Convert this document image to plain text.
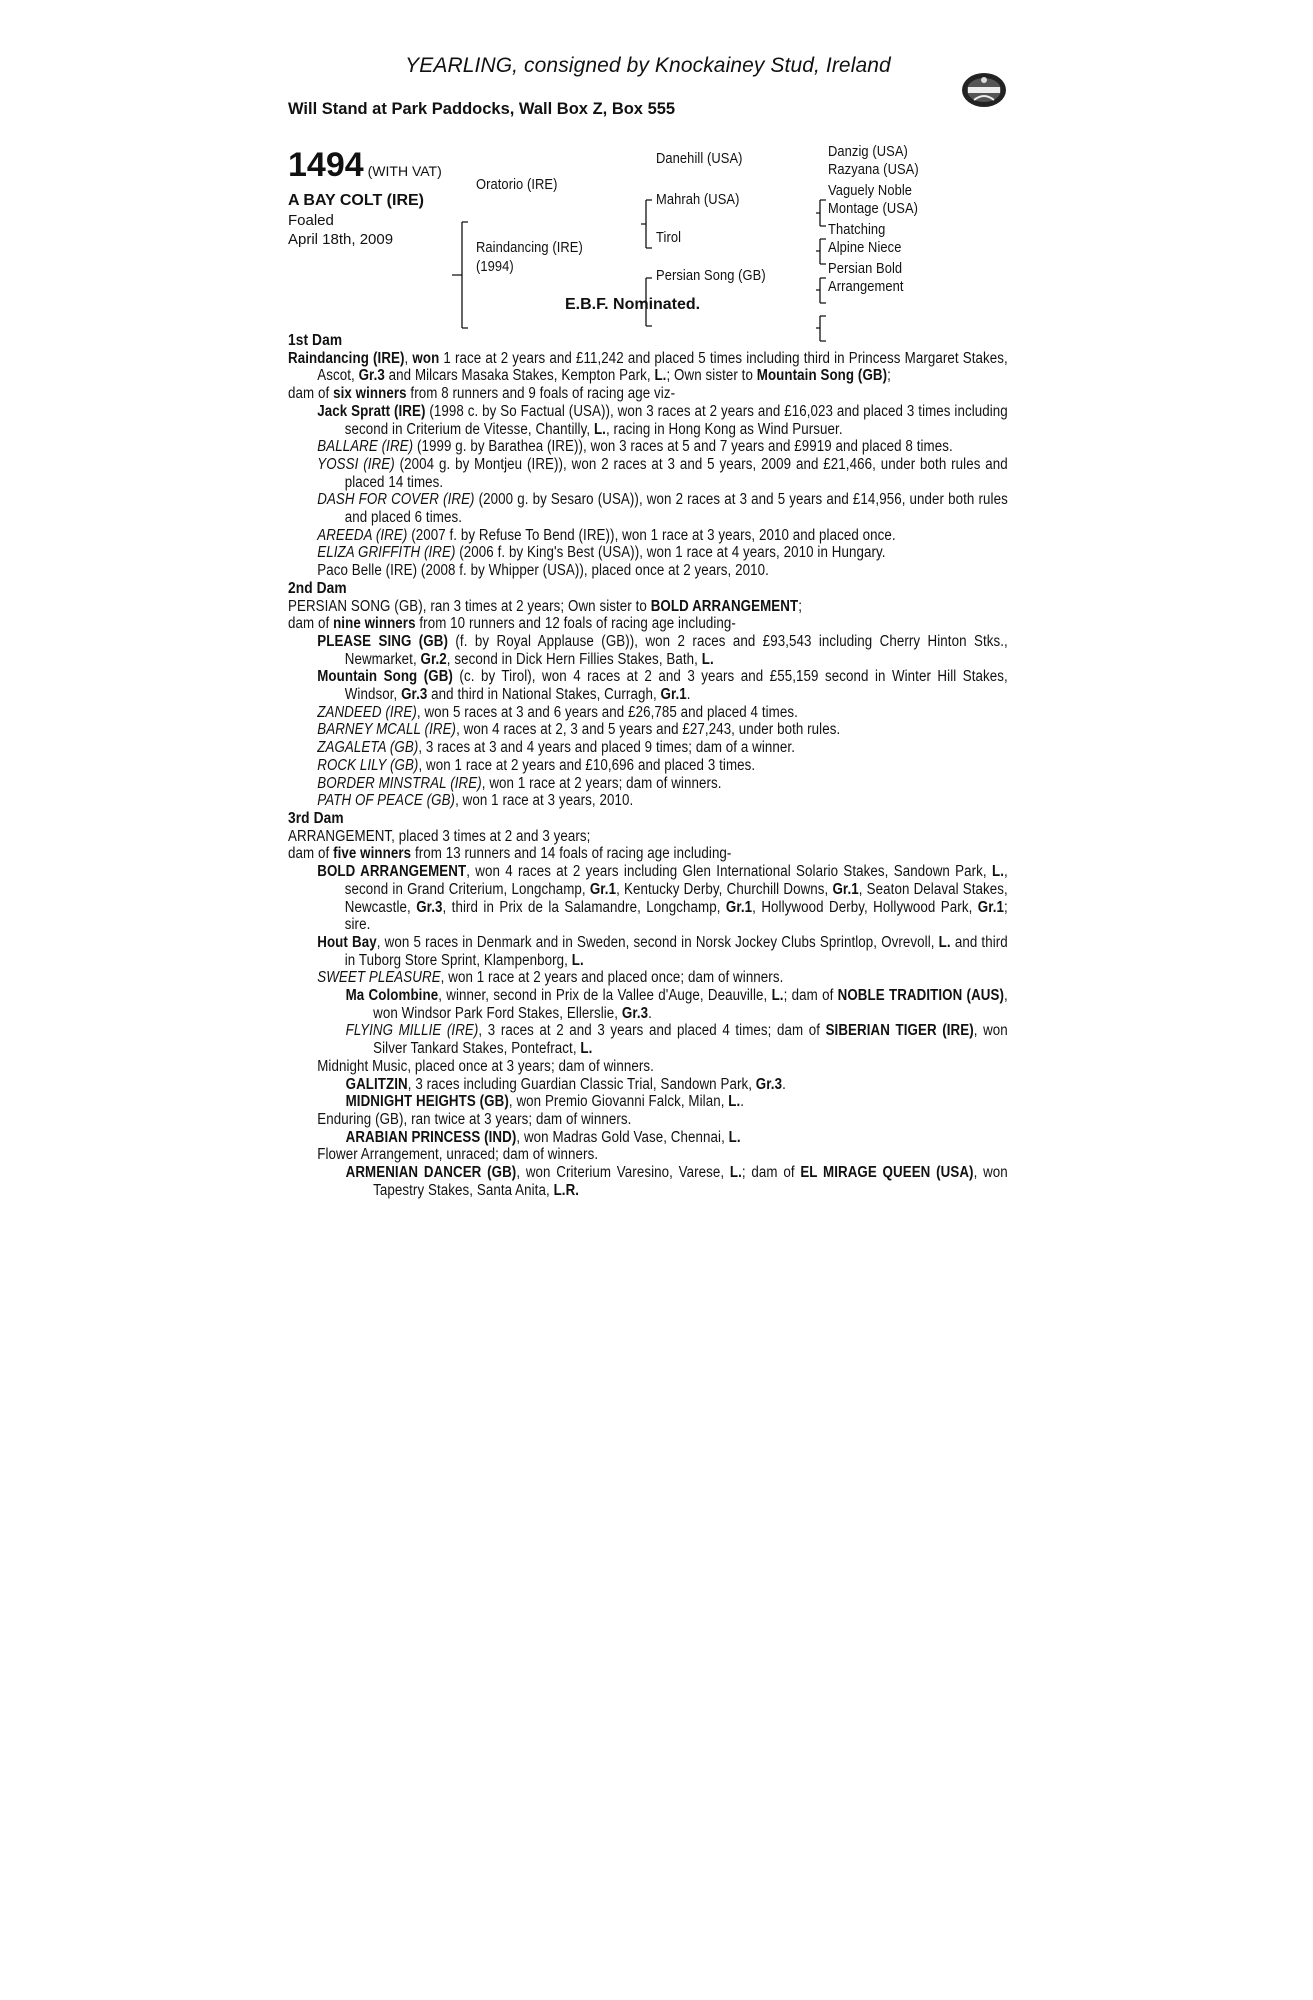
YEARLING, consigned by Knockainey Stud, Ireland
Will Stand at Park Paddocks, Wall Box Z, Box 555
1494 (WITH VAT)
A BAY COLT (IRE)
Foaled
April 18th, 2009
Oratorio (IRE)
Raindancing (IRE)
(1994)
Danehill (USA)
Mahrah (USA)
Tirol
Persian Song (GB)
Danzig (USA)
Razyana (USA)
Vaguely Noble
Montage (USA)
Thatching
Alpine Niece
Persian Bold
Arrangement
E.B.F. Nominated.

1st Dam

Raindancing (IRE), won 1 race at 2 years and £11,242 and placed 5 times including third in Princess Margaret Stakes, Ascot, Gr.3 and Milcars Masaka Stakes, Kempton Park, L.; Own sister to Mountain Song (GB);

dam of six winners from 8 runners and 9 foals of racing age viz-

Jack Spratt (IRE) (1998 c. by So Factual (USA)), won 3 races at 2 years and £16,023 and placed 3 times including second in Criterium de Vitesse, Chantilly, L., racing in Hong Kong as Wind Pursuer.

BALLARE (IRE) (1999 g. by Barathea (IRE)), won 3 races at 5 and 7 years and £9919 and placed 8 times.

YOSSI (IRE) (2004 g. by Montjeu (IRE)), won 2 races at 3 and 5 years, 2009 and £21,466, under both rules and placed 14 times.

DASH FOR COVER (IRE) (2000 g. by Sesaro (USA)), won 2 races at 3 and 5 years and £14,956, under both rules and placed 6 times.

AREEDA (IRE) (2007 f. by Refuse To Bend (IRE)), won 1 race at 3 years, 2010 and placed once.

ELIZA GRIFFITH (IRE) (2006 f. by King's Best (USA)), won 1 race at 4 years, 2010 in Hungary.

Paco Belle (IRE) (2008 f. by Whipper (USA)), placed once at 2 years, 2010.

2nd Dam

PERSIAN SONG (GB), ran 3 times at 2 years; Own sister to BOLD ARRANGEMENT;

dam of nine winners from 10 runners and 12 foals of racing age including-

PLEASE SING (GB) (f. by Royal Applause (GB)), won 2 races and £93,543 including Cherry Hinton Stks., Newmarket, Gr.2, second in Dick Hern Fillies Stakes, Bath, L.

Mountain Song (GB) (c. by Tirol), won 4 races at 2 and 3 years and £55,159 second in Winter Hill Stakes, Windsor, Gr.3 and third in National Stakes, Curragh, Gr.1.

ZANDEED (IRE), won 5 races at 3 and 6 years and £26,785 and placed 4 times.

BARNEY MCALL (IRE), won 4 races at 2, 3 and 5 years and £27,243, under both rules.

ZAGALETA (GB), 3 races at 3 and 4 years and placed 9 times; dam of a winner.

ROCK LILY (GB), won 1 race at 2 years and £10,696 and placed 3 times.

BORDER MINSTRAL (IRE), won 1 race at 2 years; dam of winners.

PATH OF PEACE (GB), won 1 race at 3 years, 2010.

3rd Dam

ARRANGEMENT, placed 3 times at 2 and 3 years;

dam of five winners from 13 runners and 14 foals of racing age including-

BOLD ARRANGEMENT, won 4 races at 2 years including Glen International Solario Stakes, Sandown Park, L., second in Grand Criterium, Longchamp, Gr.1, Kentucky Derby, Churchill Downs, Gr.1, Seaton Delaval Stakes, Newcastle, Gr.3, third in Prix de la Salamandre, Longchamp, Gr.1, Hollywood Derby, Hollywood Park, Gr.1; sire.

Hout Bay, won 5 races in Denmark and in Sweden, second in Norsk Jockey Clubs Sprintlop, Ovrevoll, L. and third in Tuborg Store Sprint, Klampenborg, L.

SWEET PLEASURE, won 1 race at 2 years and placed once; dam of winners.

Ma Colombine, winner, second in Prix de la Vallee d'Auge, Deauville, L.; dam of NOBLE TRADITION (AUS), won Windsor Park Ford Stakes, Ellerslie, Gr.3.

FLYING MILLIE (IRE), 3 races at 2 and 3 years and placed 4 times; dam of SIBERIAN TIGER (IRE), won Silver Tankard Stakes, Pontefract, L.

Midnight Music, placed once at 3 years; dam of winners.

GALITZIN, 3 races including Guardian Classic Trial, Sandown Park, Gr.3.

MIDNIGHT HEIGHTS (GB), won Premio Giovanni Falck, Milan, L..

Enduring (GB), ran twice at 3 years; dam of winners.

ARABIAN PRINCESS (IND), won Madras Gold Vase, Chennai, L.

Flower Arrangement, unraced; dam of winners.

ARMENIAN DANCER (GB), won Criterium Varesino, Varese, L.; dam of EL MIRAGE QUEEN (USA), won Tapestry Stakes, Santa Anita, L.R.
